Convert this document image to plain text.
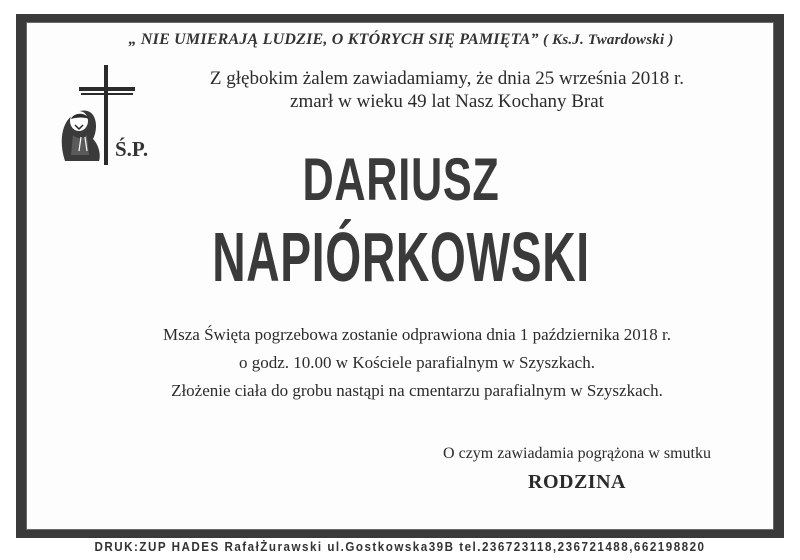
„ NIE UMIERAJĄ LUDZIE, O KTÓRYCH SIĘ PAMIĘTA” ( Ks.J. Twardowski )
Z głębokim żalem zawiadamiamy, że dnia 25 września 2018 r.
zmarł w wieku 49 lat Nasz Kochany Brat
Ś.P.	DARIUSZ
NAPIÓRKOWSKI
Msza Święta pogrzebowa zostanie odprawiona dnia 1 października 2018 r.
o godz. 10.00 w Kościele parafialnym w Szyszkach.
Złożenie ciała do grobu nastąpi na cmentarzu parafialnym w Szyszkach.
O czym zawiadamia pogrążona w smutku
RODZINA
DRUK:ZUP HADES RafałŻurawski ul.Gostkowska39B tel.236723118,236721488,662198820
